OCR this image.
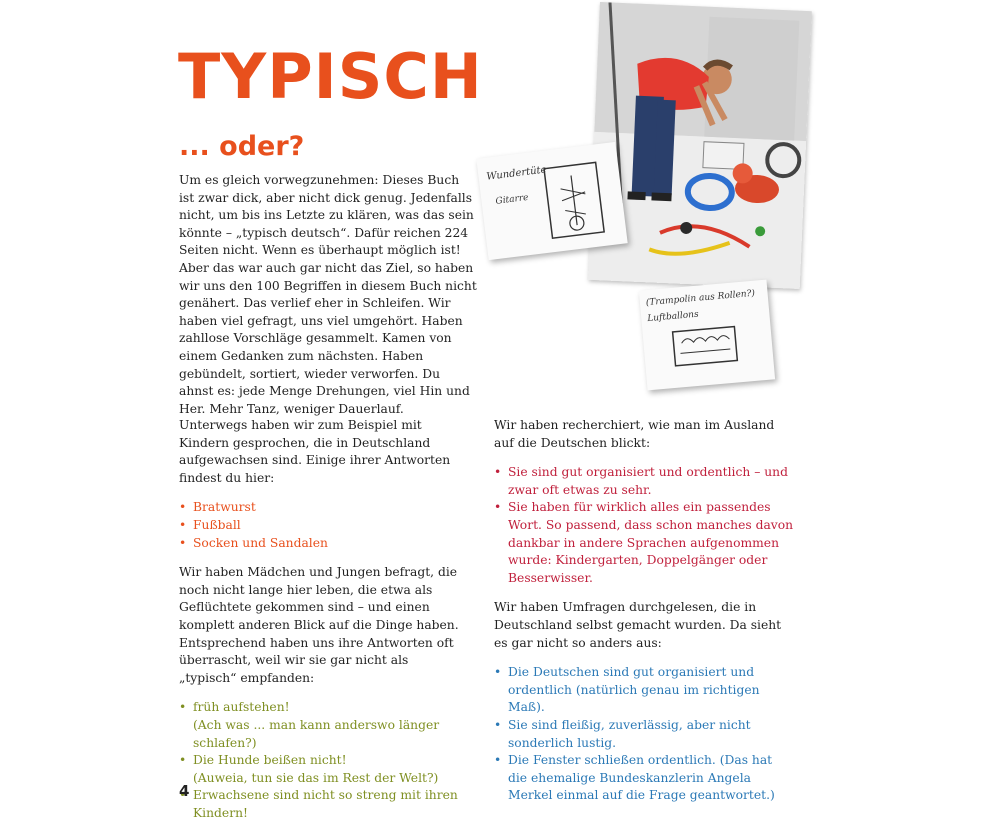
TYPISCH
... oder?

Um es gleich vorwegzunehmen: Dieses Buch ist zwar dick, aber nicht dick genug. Jedenfalls nicht, um bis ins Letzte zu klären, was das sein könnte – „typisch deutsch“. Dafür reichen 224 Seiten nicht. Wenn es überhaupt möglich ist! Aber das war auch gar nicht das Ziel, so haben wir uns den 100 Begriffen in diesem Buch nicht genähert. Das verlief eher in Schleifen. Wir haben viel gefragt, uns viel umgehört. Haben zahllose Vorschläge gesammelt. Kamen von einem Gedanken zum nächsten. Haben gebündelt, sortiert, wieder verworfen. Du ahnst es: jede Menge Drehungen, viel Hin und Her. Mehr Tanz, weniger Dauerlauf.

Wundertüte
Gitarre
(Trampolin aus Rollen?)
Luftballons

Unterwegs haben wir zum Beispiel mit Kindern gesprochen, die in Deutschland aufgewachsen sind. Einige ihrer Antworten findest du hier:

• Bratwurst
• Fußball
• Socken und Sandalen

Wir haben Mädchen und Jungen befragt, die noch nicht lange hier leben, die etwa als Geflüchtete gekommen sind – und einen komplett anderen Blick auf die Dinge haben. Entsprechend haben uns ihre Antworten oft überrascht, weil wir sie gar nicht als „typisch“ empfanden:

• früh aufstehen!
(Ach was ... man kann anderswo länger schlafen?)
• Die Hunde beißen nicht!
(Auweia, tun sie das im Rest der Welt?)
• Erwachsene sind nicht so streng mit ihren Kindern!

Wir haben recherchiert, wie man im Ausland auf die Deutschen blickt:

• Sie sind gut organisiert und ordentlich – und zwar oft etwas zu sehr.
• Sie haben für wirklich alles ein passendes Wort. So passend, dass schon manches davon dankbar in andere Sprachen aufgenommen wurde: Kindergarten, Doppelgänger oder Besserwisser.

Wir haben Umfragen durchgelesen, die in Deutschland selbst gemacht wurden. Da sieht es gar nicht so anders aus:

• Die Deutschen sind gut organisiert und ordentlich (natürlich genau im richtigen Maß).
• Sie sind fleißig, zuverlässig, aber nicht sonderlich lustig.
• Die Fenster schließen ordentlich. (Das hat die ehemalige Bundeskanzlerin Angela Merkel einmal auf die Frage geantwortet.)
4
